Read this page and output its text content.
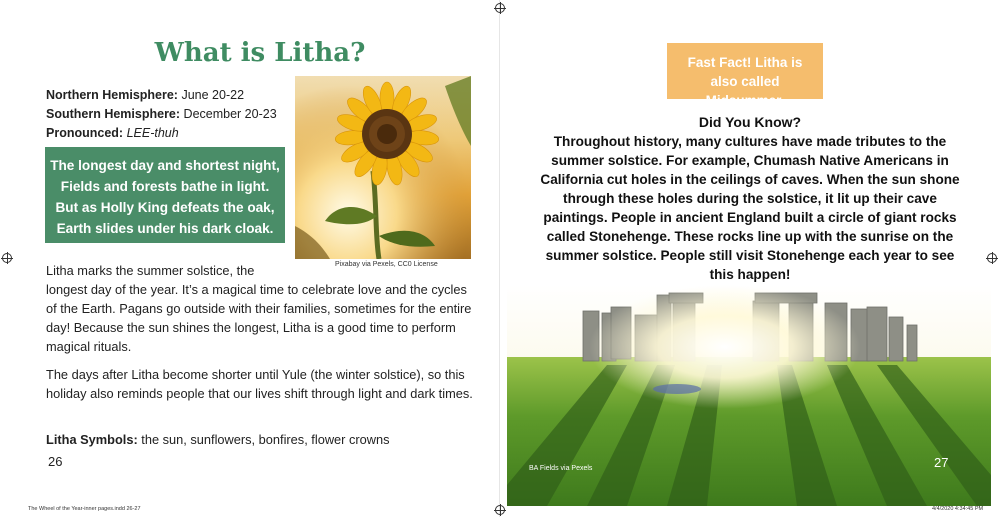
What is Litha?
Northern Hemisphere: June 20-22
Southern Hemisphere: December 20-23
Pronounced: LEE-thuh
The longest day and shortest night,
Fields and forests bathe in light.
But as Holly King defeats the oak,
Earth slides under his dark cloak.
Pixabay via Pexels, CC0 License
Litha marks the summer solstice, the
longest day of the year. It’s a magical time to celebrate love and the cycles of the Earth. Pagans go outside with their families, sometimes for the entire day! Because the sun shines the longest, Litha is a good time to perform magical rituals.
The days after Litha become shorter until Yule (the winter solstice), so this holiday also reminds people that our lives shift through light and dark times.
Litha Symbols: the sun, sunflowers, bonfires, flower crowns
26
The Wheel of the Year-inner pages.indd 26-27
Fast Fact! Litha is also called Midsummer.
Did You Know?
Throughout history, many cultures have made tributes to the summer solstice. For example, Chumash Native Americans in California cut holes in the ceilings of caves. When the sun shone through these holes during the solstice, it lit up their cave paintings. People in ancient England built a circle of giant rocks called Stonehenge. These rocks line up with the sunrise on the summer solstice. People still visit Stonehenge each year to see this happen!
4/4/2020 4:34:45 PM
BA Fields via Pexels	27
